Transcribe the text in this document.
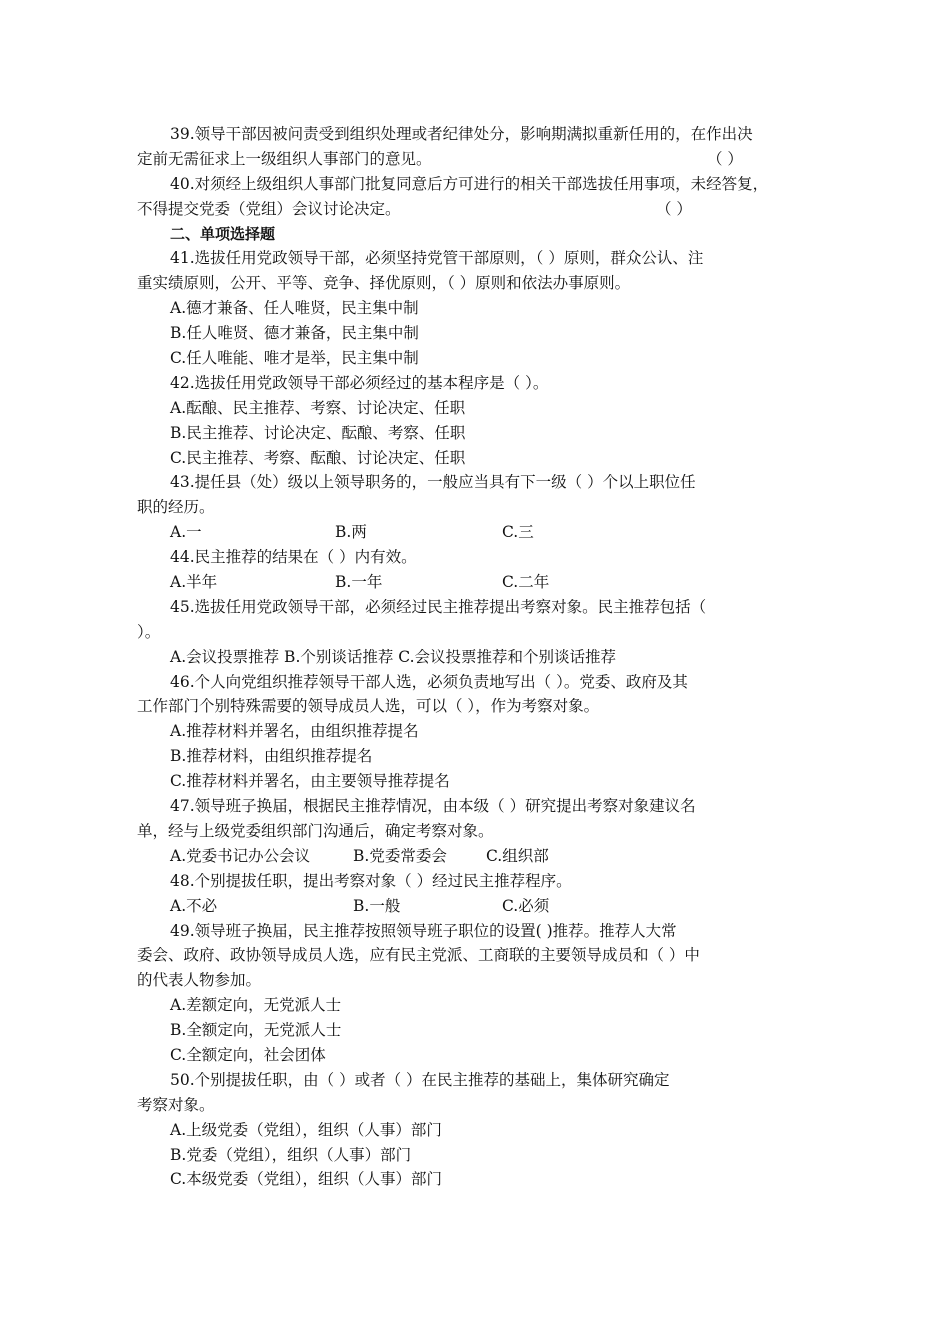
39.领导干部因被问责受到组织处理或者纪律处分，影响期满拟重新任用的，在作出决
定前无需征求上一级组织人事部门的意见。	（ ）
40.对须经上级组织人事部门批复同意后方可进行的相关干部选拔任用事项，未经答复，
不得提交党委（党组）会议讨论决定。	（ ）
二、单项选择题
41.选拔任用党政领导干部，必须坚持党管干部原则，（ ）原则，群众公认、注
重实绩原则，公开、平等、竞争、择优原则，（ ）原则和依法办事原则。
A.德才兼备、任人唯贤，民主集中制
B.任人唯贤、德才兼备，民主集中制
C.任人唯能、唯才是举，民主集中制
42.选拔任用党政领导干部必须经过的基本程序是（ ）。
A.酝酿、民主推荐、考察、讨论决定、任职
B.民主推荐、讨论决定、酝酿、考察、任职
C.民主推荐、考察、酝酿、讨论决定、任职
43.提任县（处）级以上领导职务的，一般应当具有下一级（ ）个以上职位任
职的经历。
A.一	B.两	C.三
44.民主推荐的结果在（ ）内有效。
A.半年	B.一年	C.二年
45.选拔任用党政领导干部，必须经过民主推荐提出考察对象。民主推荐包括（
）。
A.会议投票推荐 B.个别谈话推荐 C.会议投票推荐和个别谈话推荐
46.个人向党组织推荐领导干部人选，必须负责地写出（ ）。党委、政府及其
工作部门个别特殊需要的领导成员人选，可以（ ），作为考察对象。
A.推荐材料并署名，由组织推荐提名
B.推荐材料，由组织推荐提名
C.推荐材料并署名，由主要领导推荐提名
47.领导班子换届，根据民主推荐情况，由本级（ ）研究提出考察对象建议名
单，经与上级党委组织部门沟通后，确定考察对象。
A.党委书记办公会议	B.党委常委会	C.组织部
48.个别提拔任职，提出考察对象（ ）经过民主推荐程序。
A.不必	B.一般	C.必须
49.领导班子换届，民主推荐按照领导班子职位的设置( )推荐。推荐人大常
委会、政府、政协领导成员人选，应有民主党派、工商联的主要领导成员和（ ）中
的代表人物参加。
A.差额定向，无党派人士
B.全额定向，无党派人士
C.全额定向，社会团体
50.个别提拔任职，由（ ）或者（ ）在民主推荐的基础上，集体研究确定
考察对象。
A.上级党委（党组），组织（人事）部门
B.党委（党组），组织（人事）部门
C.本级党委（党组），组织（人事）部门
